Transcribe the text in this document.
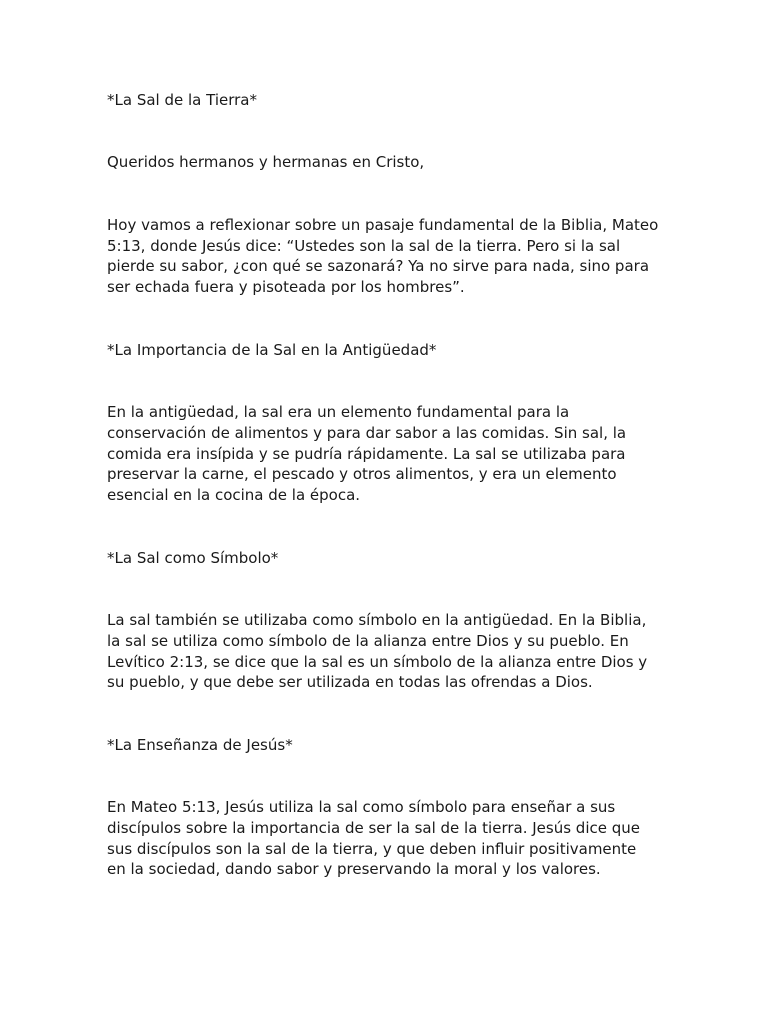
*La Sal de la Tierra*

Queridos hermanos y hermanas en Cristo,

Hoy vamos a reflexionar sobre un pasaje fundamental de la Biblia, Mateo
5:13, donde Jesús dice: “Ustedes son la sal de la tierra. Pero si la sal
pierde su sabor, ¿con qué se sazonará? Ya no sirve para nada, sino para
ser echada fuera y pisoteada por los hombres”.

*La Importancia de la Sal en la Antigüedad*

En la antigüedad, la sal era un elemento fundamental para la
conservación de alimentos y para dar sabor a las comidas. Sin sal, la
comida era insípida y se pudría rápidamente. La sal se utilizaba para
preservar la carne, el pescado y otros alimentos, y era un elemento
esencial en la cocina de la época.

*La Sal como Símbolo*

La sal también se utilizaba como símbolo en la antigüedad. En la Biblia,
la sal se utiliza como símbolo de la alianza entre Dios y su pueblo. En
Levítico 2:13, se dice que la sal es un símbolo de la alianza entre Dios y
su pueblo, y que debe ser utilizada en todas las ofrendas a Dios.

*La Enseñanza de Jesús*

En Mateo 5:13, Jesús utiliza la sal como símbolo para enseñar a sus
discípulos sobre la importancia de ser la sal de la tierra. Jesús dice que
sus discípulos son la sal de la tierra, y que deben influir positivamente
en la sociedad, dando sabor y preservando la moral y los valores.
